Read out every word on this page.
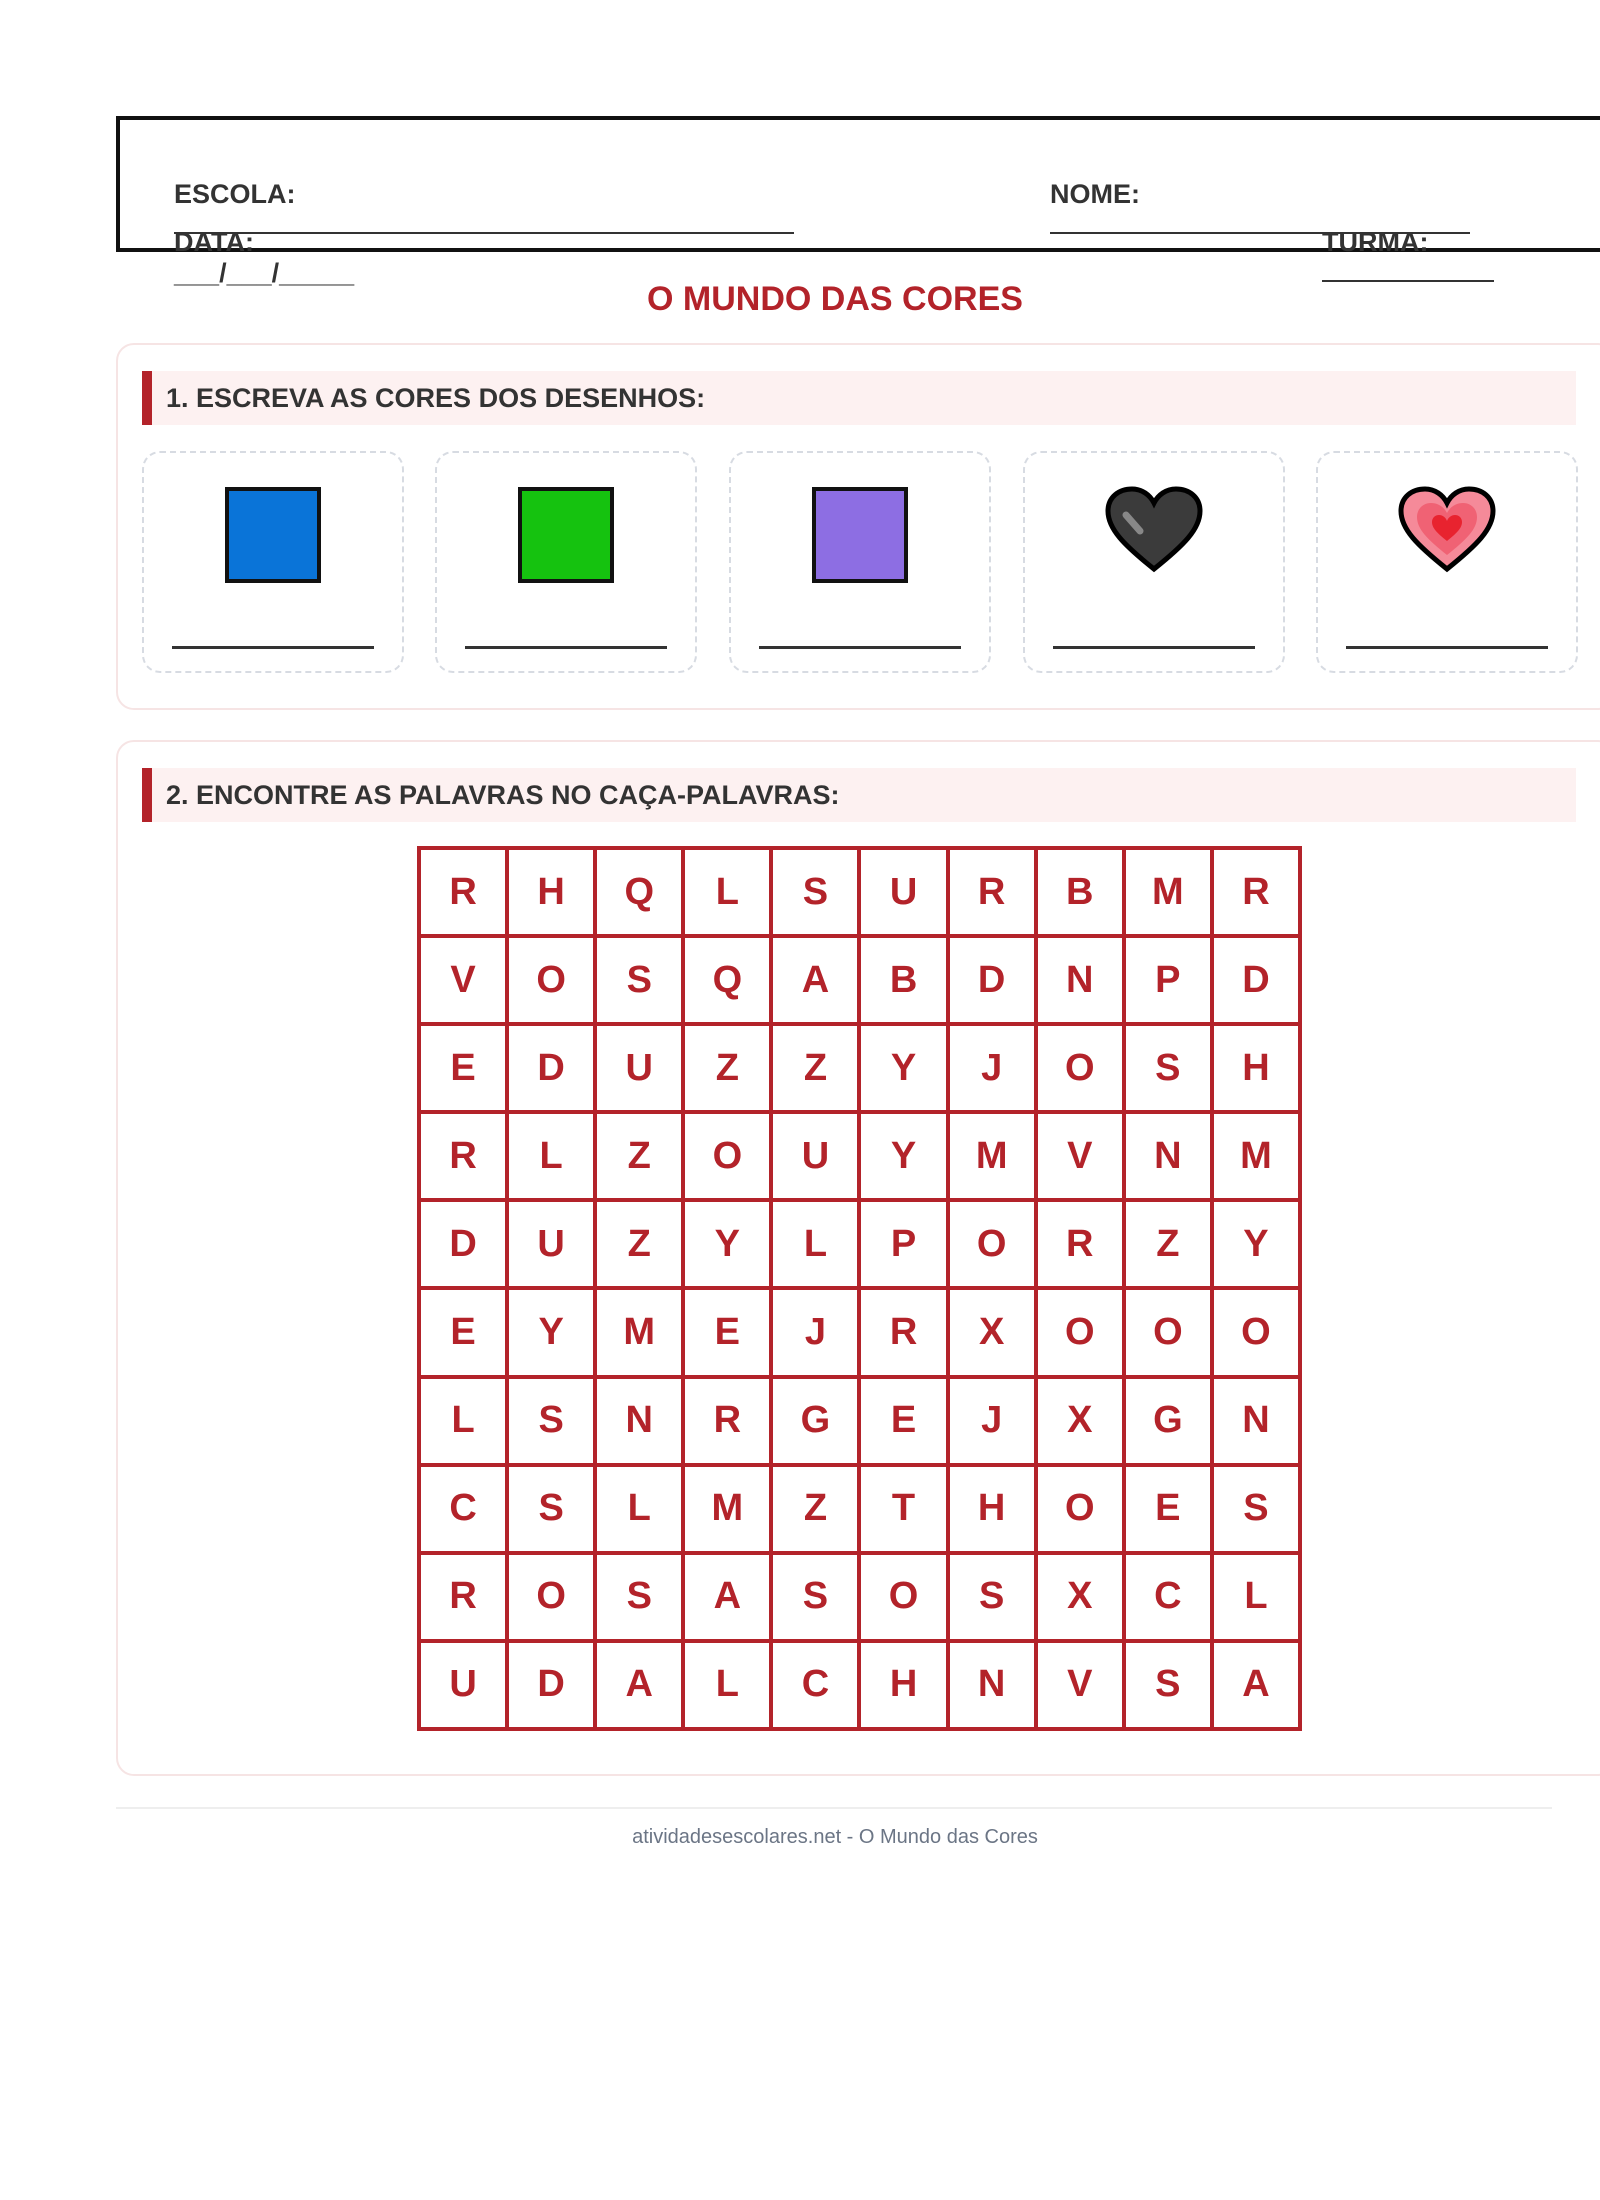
ESCOLA:

	NOME:

DATA:
___/___/_____

TURMA:

O MUNDO DAS CORES
1. ESCREVA AS CORES DOS DESENHOS:
2. ENCONTRE AS PALAVRAS NO CAÇA-PALAVRAS:
R	H	Q	L	S	U	R	B	M	R
V	O	S	Q	A	B	D	N	P	D
E	D	U	Z	Z	Y	J	O	S	H
R	L	Z	O	U	Y	M	V	N	M
D	U	Z	Y	L	P	O	R	Z	Y
E	Y	M	E	J	R	X	O	O	O
L	S	N	R	G	E	J	X	G	N
C	S	L	M	Z	T	H	O	E	S
R	O	S	A	S	O	S	X	C	L
U	D	A	L	C	H	N	V	S	A
atividadesescolares.net - O Mundo das Cores
